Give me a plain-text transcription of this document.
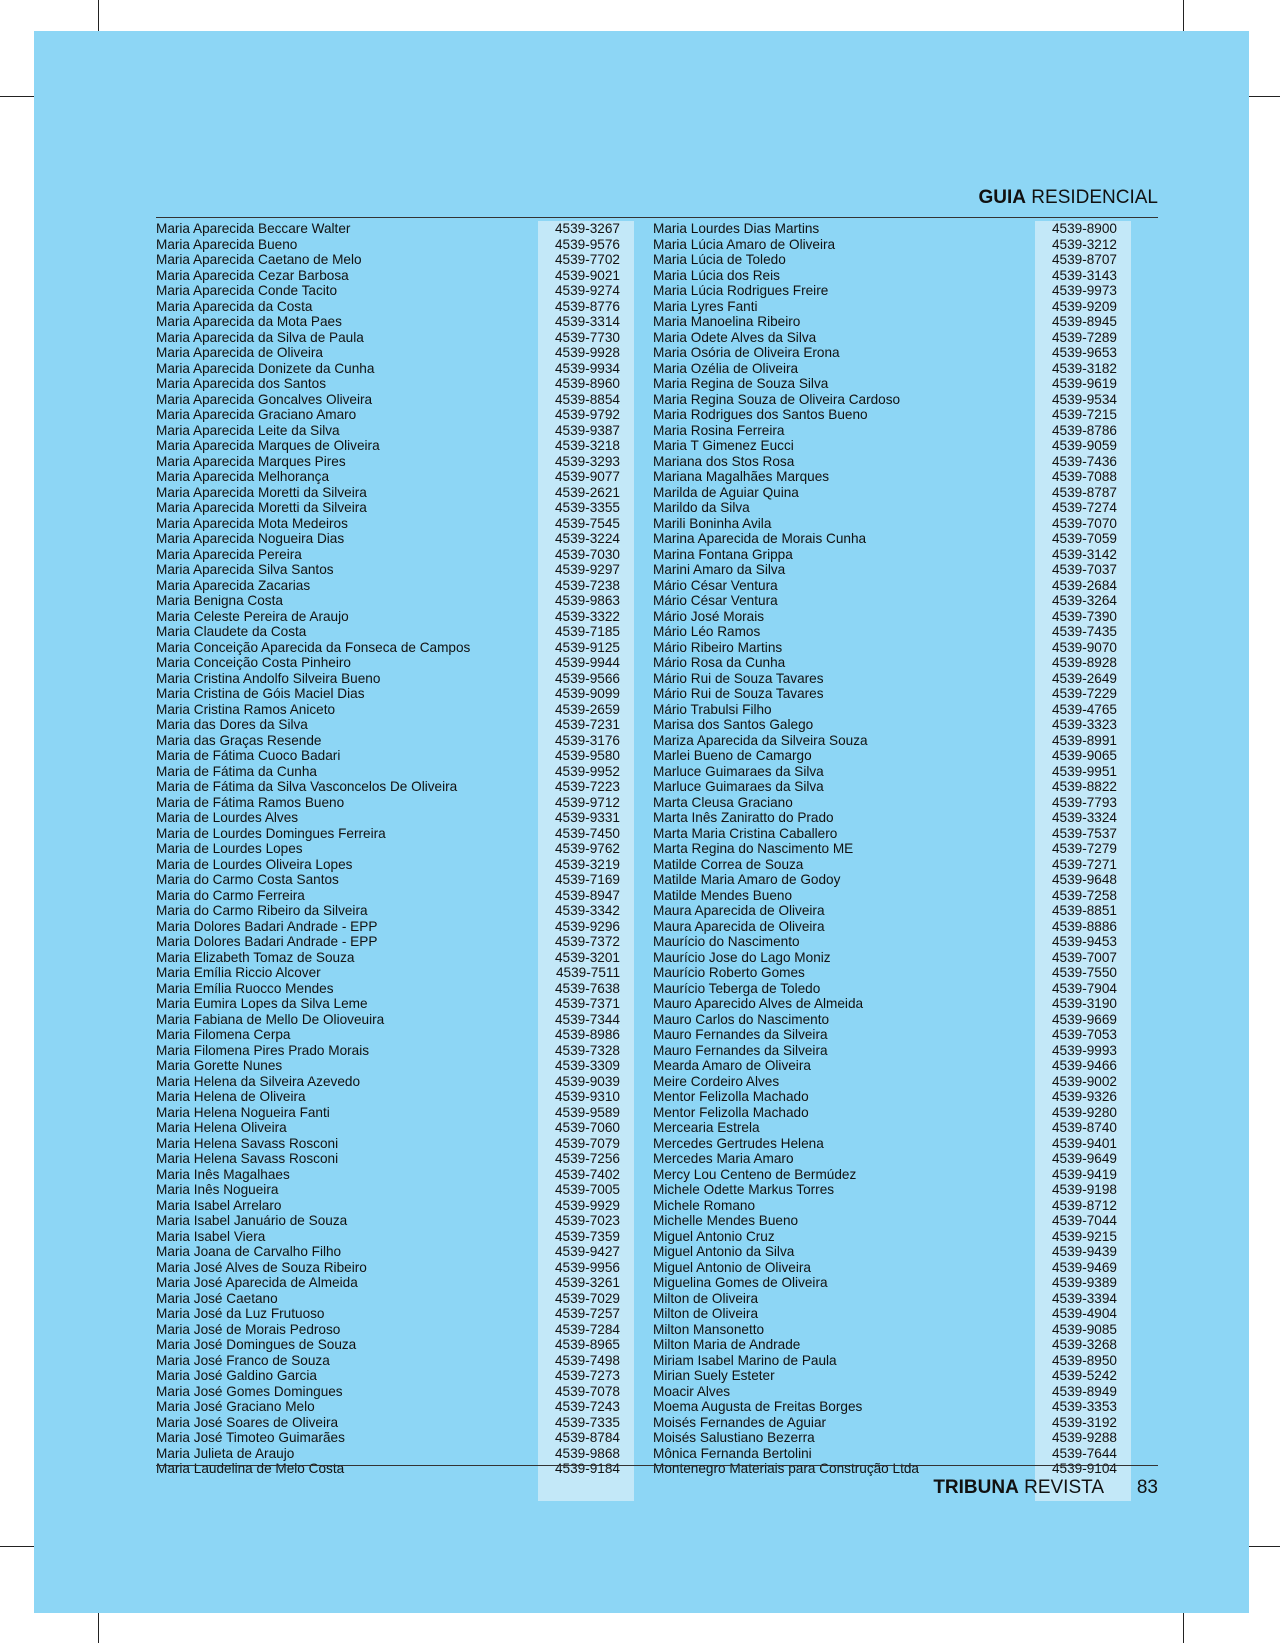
GUIA RESIDENCIAL
Maria Aparecida Beccare Walter	4539-3267
Maria Aparecida Bueno	4539-9576
Maria Aparecida Caetano de Melo	4539-7702
Maria Aparecida Cezar Barbosa	4539-9021
Maria Aparecida Conde Tacito	4539-9274
Maria Aparecida da Costa	4539-8776
Maria Aparecida da Mota Paes	4539-3314
Maria Aparecida da Silva de Paula	4539-7730
Maria Aparecida de Oliveira	4539-9928
Maria Aparecida Donizete da Cunha	4539-9934
Maria Aparecida dos Santos	4539-8960
Maria Aparecida Goncalves Oliveira	4539-8854
Maria Aparecida Graciano Amaro	4539-9792
Maria Aparecida Leite da Silva	4539-9387
Maria Aparecida Marques de Oliveira	4539-3218
Maria Aparecida Marques Pires	4539-3293
Maria Aparecida Melhorança	4539-9077
Maria Aparecida Moretti da Silveira	4539-2621
Maria Aparecida Moretti da Silveira	4539-3355
Maria Aparecida Mota Medeiros	4539-7545
Maria Aparecida Nogueira Dias	4539-3224
Maria Aparecida Pereira	4539-7030
Maria Aparecida Silva Santos	4539-9297
Maria Aparecida Zacarias	4539-7238
Maria Benigna Costa	4539-9863
Maria Celeste Pereira de Araujo	4539-3322
Maria Claudete da Costa	4539-7185
Maria Conceição Aparecida da Fonseca de Campos	4539-9125
Maria Conceição Costa Pinheiro	4539-9944
Maria Cristina Andolfo Silveira Bueno	4539-9566
Maria Cristina de Góis Maciel Dias	4539-9099
Maria Cristina Ramos Aniceto	4539-2659
Maria das Dores da Silva	4539-7231
Maria das Graças Resende	4539-3176
Maria de Fátima Cuoco Badari	4539-9580
Maria de Fátima da Cunha	4539-9952
Maria de Fátima da Silva Vasconcelos De Oliveira	4539-7223
Maria de Fátima Ramos Bueno	4539-9712
Maria de Lourdes Alves	4539-9331
Maria de Lourdes Domingues Ferreira	4539-7450
Maria de Lourdes Lopes	4539-9762
Maria de Lourdes Oliveira Lopes	4539-3219
Maria do Carmo Costa Santos	4539-7169
Maria do Carmo Ferreira	4539-8947
Maria do Carmo Ribeiro da Silveira	4539-3342
Maria Dolores Badari Andrade - EPP	4539-9296
Maria Dolores Badari Andrade - EPP	4539-7372
Maria Elizabeth Tomaz de Souza	4539-3201
Maria Emília Riccio Alcover	4539-7511
Maria Emília Ruocco Mendes	4539-7638
Maria Eumira Lopes da Silva Leme	4539-7371
Maria Fabiana de Mello De Olioveuira	4539-7344
Maria Filomena Cerpa	4539-8986
Maria Filomena Pires Prado Morais	4539-7328
Maria Gorette Nunes	4539-3309
Maria Helena da Silveira Azevedo	4539-9039
Maria Helena de Oliveira	4539-9310
Maria Helena Nogueira Fanti	4539-9589
Maria Helena Oliveira	4539-7060
Maria Helena Savass Rosconi	4539-7079
Maria Helena Savass Rosconi	4539-7256
Maria Inês Magalhaes	4539-7402
Maria Inês Nogueira	4539-7005
Maria Isabel Arrelaro	4539-9929
Maria Isabel Januário de Souza	4539-7023
Maria Isabel Viera	4539-7359
Maria Joana de Carvalho Filho	4539-9427
Maria José Alves de Souza Ribeiro	4539-9956
Maria José Aparecida de Almeida	4539-3261
Maria José Caetano	4539-7029
Maria José da Luz Frutuoso	4539-7257
Maria José de Morais Pedroso	4539-7284
Maria José Domingues de Souza	4539-8965
Maria José Franco de Souza	4539-7498
Maria José Galdino Garcia	4539-7273
Maria José Gomes Domingues	4539-7078
Maria José Graciano Melo	4539-7243
Maria José Soares de Oliveira	4539-7335
Maria José Timoteo Guimarães	4539-8784
Maria Julieta de Araujo	4539-9868
Maria Laudelina de Melo Costa	4539-9184
Maria Lourdes Dias Martins	4539-8900
Maria Lúcia Amaro de Oliveira	4539-3212
Maria Lúcia de Toledo	4539-8707
Maria Lúcia dos Reis	4539-3143
Maria Lúcia Rodrigues Freire	4539-9973
Maria Lyres Fanti	4539-9209
Maria Manoelina Ribeiro	4539-8945
Maria Odete Alves da Silva	4539-7289
Maria Osória de Oliveira Erona	4539-9653
Maria Ozélia de Oliveira	4539-3182
Maria Regina de Souza Silva	4539-9619
Maria Regina Souza de Oliveira Cardoso	4539-9534
Maria Rodrigues dos Santos Bueno	4539-7215
Maria Rosina Ferreira	4539-8786
Maria T Gimenez Eucci	4539-9059
Mariana dos Stos Rosa	4539-7436
Mariana Magalhães Marques	4539-7088
Marilda de Aguiar Quina	4539-8787
Marildo da Silva	4539-7274
Marili Boninha Avila	4539-7070
Marina Aparecida de Morais Cunha	4539-7059
Marina Fontana Grippa	4539-3142
Marini Amaro da Silva	4539-7037
Mário César Ventura	4539-2684
Mário César Ventura	4539-3264
Mário José Morais	4539-7390
Mário Léo Ramos	4539-7435
Mário Ribeiro Martins	4539-9070
Mário Rosa da Cunha	4539-8928
Mário Rui de Souza Tavares	4539-2649
Mário Rui de Souza Tavares	4539-7229
Mário Trabulsi Filho	4539-4765
Marisa dos Santos Galego	4539-3323
Mariza Aparecida da Silveira Souza	4539-8991
Marlei Bueno de Camargo	4539-9065
Marluce Guimaraes da Silva	4539-9951
Marluce Guimaraes da Silva	4539-8822
Marta Cleusa Graciano	4539-7793
Marta Inês Zaniratto do Prado	4539-3324
Marta Maria Cristina Caballero	4539-7537
Marta Regina do Nascimento ME	4539-7279
Matilde Correa de Souza	4539-7271
Matilde Maria Amaro de Godoy	4539-9648
Matilde Mendes Bueno	4539-7258
Maura Aparecida de Oliveira	4539-8851
Maura Aparecida de Oliveira	4539-8886
Maurício do Nascimento	4539-9453
Maurício Jose do Lago Moniz	4539-7007
Maurício Roberto Gomes	4539-7550
Maurício Teberga de Toledo	4539-7904
Mauro Aparecido Alves de Almeida	4539-3190
Mauro Carlos do Nascimento	4539-9669
Mauro Fernandes da Silveira	4539-7053
Mauro Fernandes da Silveira	4539-9993
Mearda Amaro de Oliveira	4539-9466
Meire Cordeiro Alves	4539-9002
Mentor Felizolla Machado	4539-9326
Mentor Felizolla Machado	4539-9280
Mercearia Estrela	4539-8740
Mercedes Gertrudes Helena	4539-9401
Mercedes Maria Amaro	4539-9649
Mercy Lou Centeno de Bermúdez	4539-9419
Michele Odette Markus Torres	4539-9198
Michele Romano	4539-8712
Michelle Mendes Bueno	4539-7044
Miguel Antonio Cruz	4539-9215
Miguel Antonio da Silva	4539-9439
Miguel Antonio de Oliveira	4539-9469
Miguelina Gomes de Oliveira	4539-9389
Milton de Oliveira	4539-3394
Milton de Oliveira	4539-4904
Milton Mansonetto	4539-9085
Milton Maria de Andrade	4539-3268
Miriam Isabel Marino de Paula	4539-8950
Mirian Suely Esteter	4539-5242
Moacir Alves	4539-8949
Moema Augusta de Freitas Borges	4539-3353
Moisés Fernandes de Aguiar	4539-3192
Moisés Salustiano Bezerra	4539-9288
Mônica Fernanda Bertolini	4539-7644
Montenegro Materiais para Construção Ltda	4539-9104
TRIBUNA REVISTA 83
